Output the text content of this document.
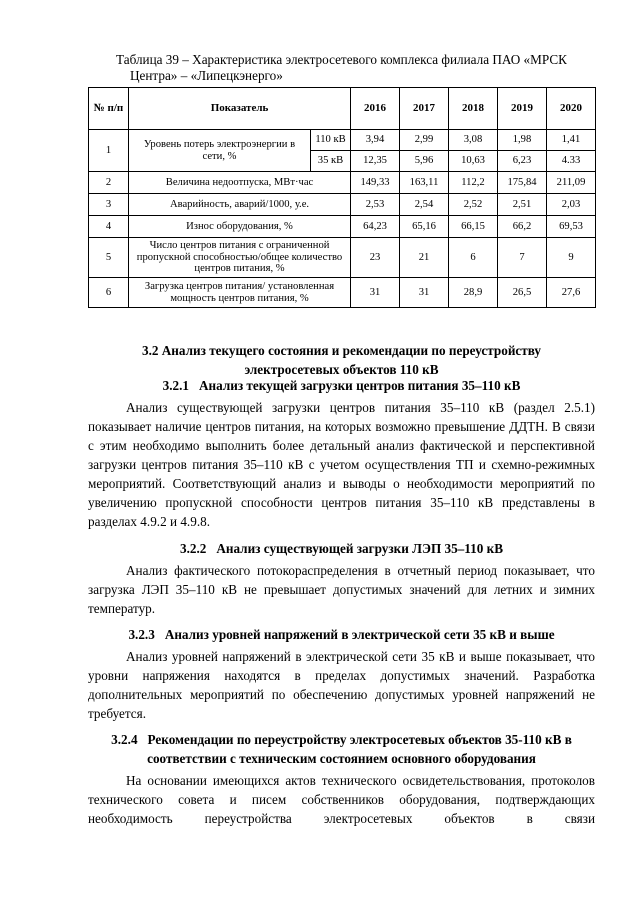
Таблица 39 – Характеристика электросетевого комплекса филиала ПАО «МРСК
Центра» – «Липецкэнерго»
№ п/п	Показатель		2016	2017	2018	2019	2020
1	Уровень потерь электроэнергии в сети, %	110 кВ	3,94	2,99	3,08	1,98	1,41
		35 кВ	12,35	5,96	10,63	6,23	4.33
2	Величина недоотпуска, МВт·час		149,33	163,11	112,2	175,84	211,09
3	Аварийность, аварий/1000, у.е.		2,53	2,54	2,52	2,51	2,03
4	Износ оборудования, %		64,23	65,16	66,15	66,2	69,53
5	Число центров питания с ограниченной пропускной способностью/общее количество центров питания, %		23	21	6	7	9
6	Загрузка центров питания/ установленная мощность центров питания, %		31	31	28,9	26,5	27,6
3.2 Анализ текущего состояния и рекомендации по переустройству
электросетевых объектов 110 кВ
3.2.1 Анализ текущей загрузки центров питания 35–110 кВ

Анализ существующей загрузки центров питания 35–110 кВ (раздел 2.5.1) показывает наличие центров питания, на которых возможно превышение ДДТН. В связи с этим необходимо выполнить более детальный анализ фактической и перспективной загрузки центров питания 35–110 кВ с учетом осуществления ТП и схемно-режимных мероприятий. Соответствующий анализ и выводы о необходимости мероприятий по увеличению пропускной способности центров питания 35–110 кВ представлены в разделах 4.9.2 и 4.9.8.

3.2.2 Анализ существующей загрузки ЛЭП 35–110 кВ

Анализ фактического потокораспределения в отчетный период показывает, что загрузка ЛЭП 35–110 кВ не превышает допустимых значений для летних и зимних температур.

3.2.3 Анализ уровней напряжений в электрической сети 35 кВ и выше

Анализ уровней напряжений в электрической сети 35 кВ и выше показывает, что уровни напряжения находятся в пределах допустимых значений. Разработка дополнительных мероприятий по обеспечению допустимых уровней напряжений не требуется.

3.2.4 Рекомендации по переустройству электросетевых объектов 35-110 кВ в
соответствии с техническим состоянием основного оборудования

На основании имеющихся актов технического освидетельствования, протоколов технического совета и писем собственников оборудования, подтверждающих необходимость переустройства электросетевых объектов в связи
